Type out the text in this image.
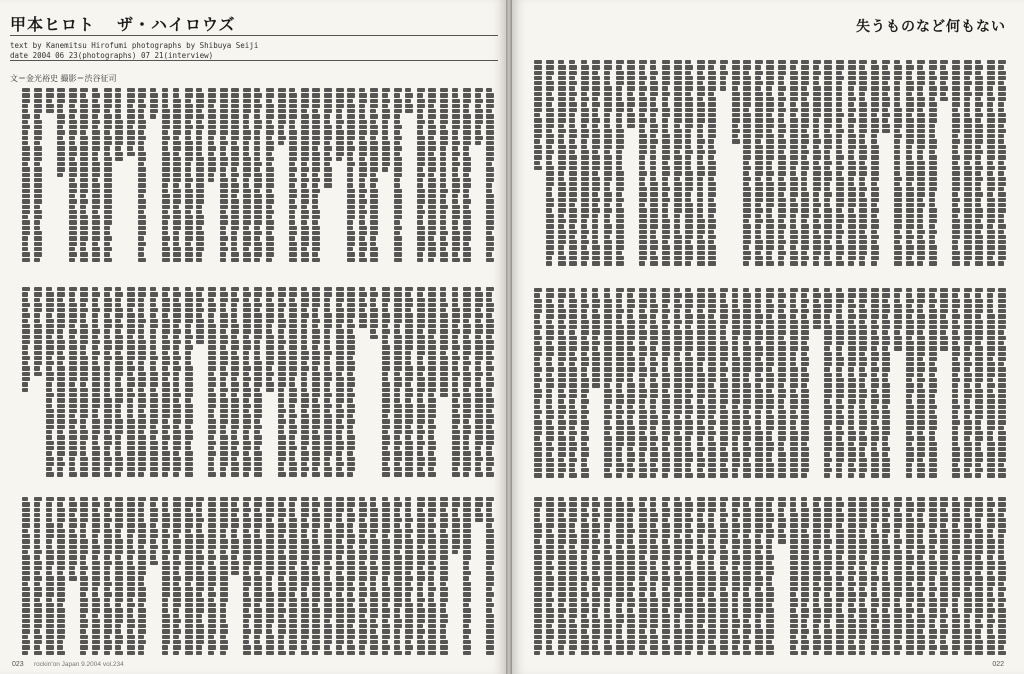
甲本ヒロト ザ・ハイロウズ
text by Kanemitsu Hirofumi photographs by Shibuya Seiji
date 2004 06 23(photographs) 07 21(interview)
文＝金光裕史 撮影＝渋谷征司
023 rockin'on Japan 9.2004 vol.234
失うものなど何もない
022
